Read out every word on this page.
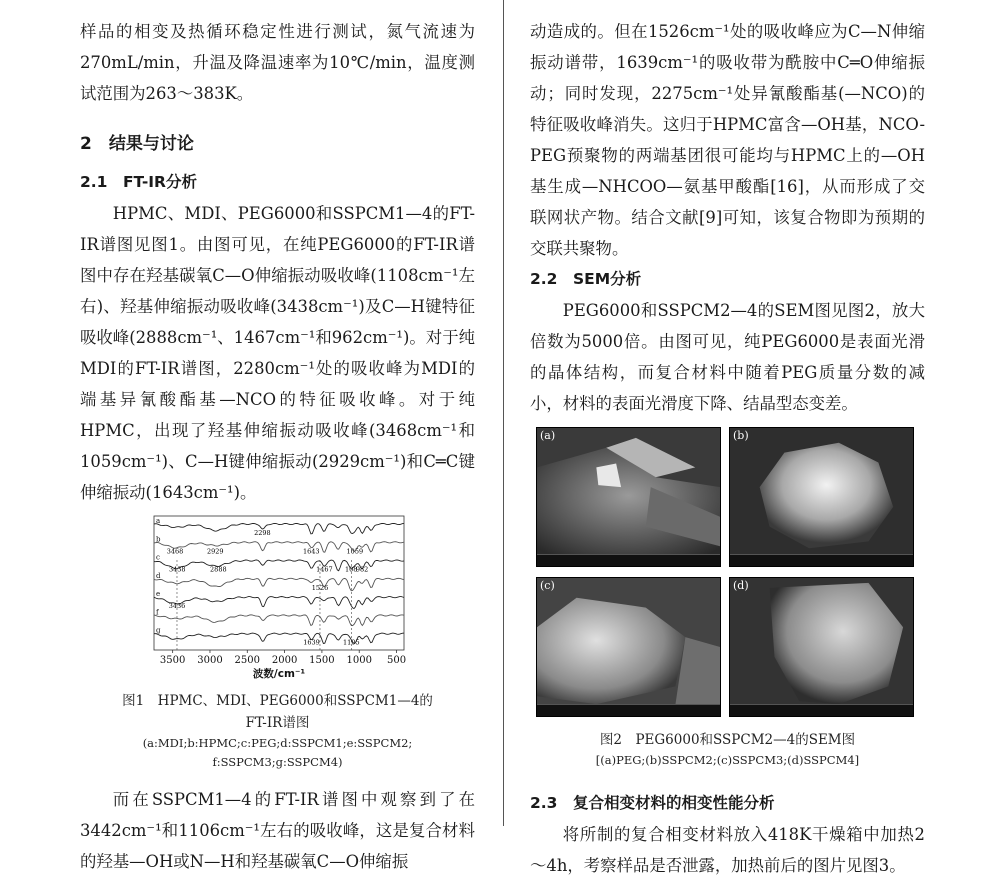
样品的相变及热循环稳定性进行测试，氮气流速为270mL/min，升温及降温速率为10℃/min，温度测试范围为263～383K。

2　结果与讨论
2.1　FT-IR分析

HPMC、MDI、PEG6000和SSPCM1—4的FT-IR谱图见图1。由图可见，在纯PEG6000的FT-IR谱图中存在羟基碳氧C—O伸缩振动吸收峰(1108cm⁻¹左右)、羟基伸缩振动吸收峰(3438cm⁻¹)及C—H键特征吸收峰(2888cm⁻¹、1467cm⁻¹和962cm⁻¹)。对于纯MDI的FT-IR谱图，2280cm⁻¹处的吸收峰为MDI的端基异氰酸酯基—NCO的特征吸收峰。对于纯HPMC，出现了羟基伸缩振动吸收峰(3468cm⁻¹和1059cm⁻¹)、C—H键伸缩振动(2929cm⁻¹)和C═C键伸缩振动(1643cm⁻¹)。

a
b
c
d
e
f
g
2298
3468	2929	1643	1059
3438	2888	1467 108
982
1526
3436
1639	1105
3500 3000 2500 2000 1500 1000 500
波数/cm⁻¹

图1　HPMC、MDI、PEG6000和SSPCM1—4的

FT-IR谱图

(a:MDI;b:HPMC;c:PEG;d:SSPCM1;e:SSPCM2;

f:SSPCM3;g:SSPCM4)

而在SSPCM1—4的FT-IR谱图中观察到了在3442cm⁻¹和1106cm⁻¹左右的吸收峰，这是复合材料的羟基—OH或N—H和羟基碳氧C—O伸缩振

动造成的。但在1526cm⁻¹处的吸收峰应为C—N伸缩振动谱带，1639cm⁻¹的吸收带为酰胺中C═O伸缩振动；同时发现，2275cm⁻¹处异氰酸酯基(—NCO)的特征吸收峰消失。这归于HPMC富含—OH基，NCO-PEG预聚物的两端基团很可能均与HPMC上的—OH基生成—NHCOO—氨基甲酸酯[16]，从而形成了交联网状产物。结合文献[9]可知，该复合物即为预期的交联共聚物。

2.2　SEM分析

PEG6000和SSPCM2—4的SEM图见图2，放大倍数为5000倍。由图可见，纯PEG6000是表面光滑的晶体结构，而复合材料中随着PEG质量分数的减小，材料的表面光滑度下降、结晶型态变差。

(a)	(b)
(c)	(d)

图2　PEG6000和SSPCM2—4的SEM图

[(a)PEG;(b)SSPCM2;(c)SSPCM3;(d)SSPCM4]

2.3　复合相变材料的相变性能分析

将所制的复合相变材料放入418K干燥箱中加热2～4h，考察样品是否泄露，加热前后的图片见图3。
